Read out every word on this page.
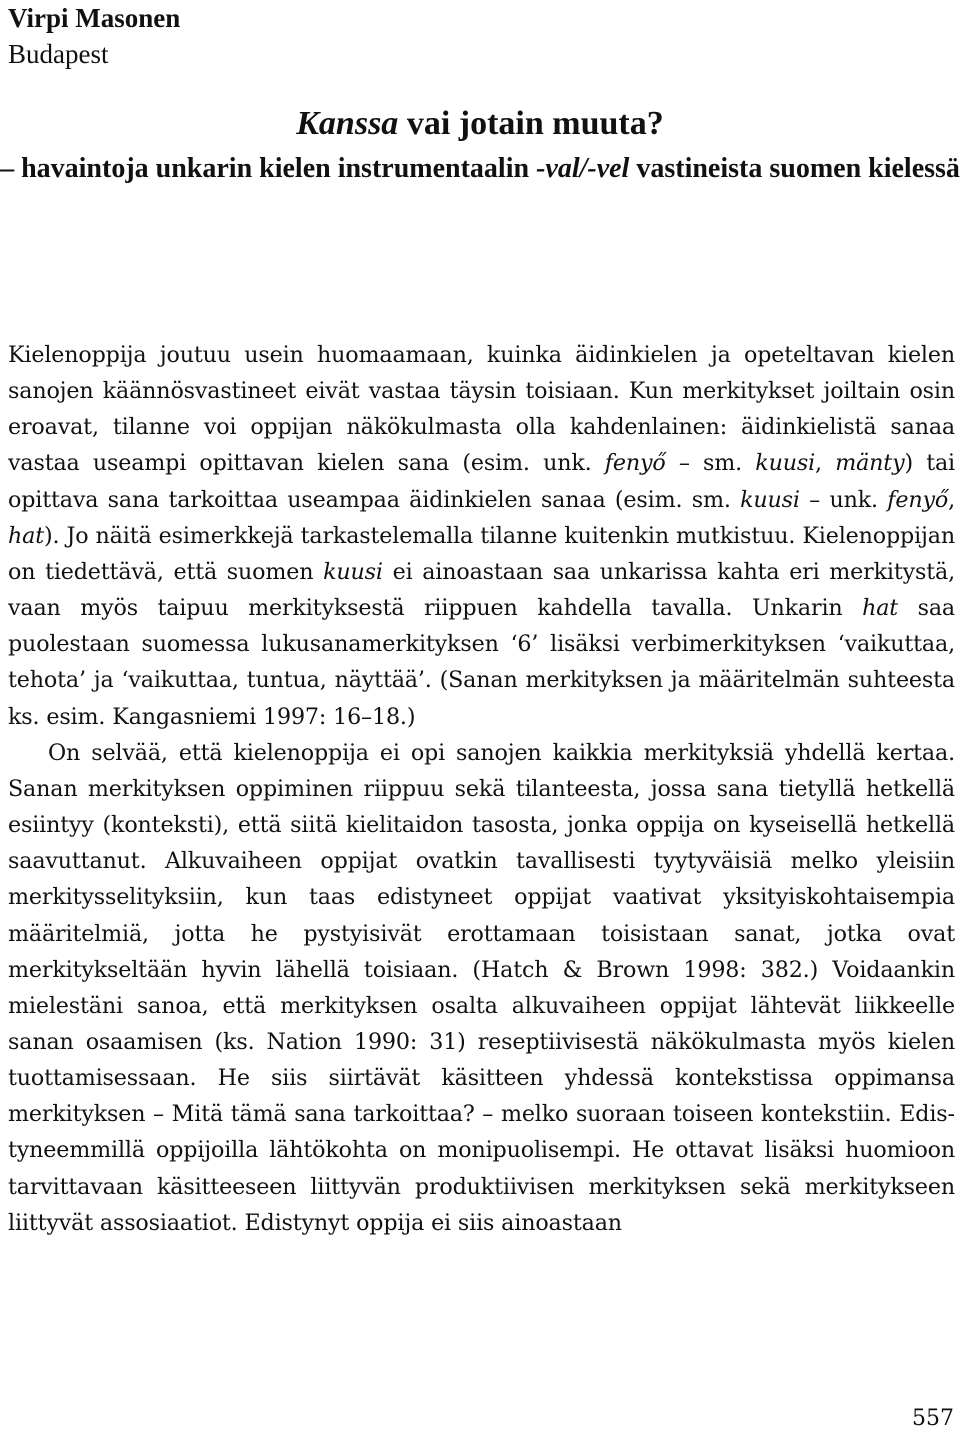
Virpi Masonen
Budapest
Kanssa vai jotain muuta?
– havaintoja unkarin kielen instrumentaalin -val/-vel vastineista suomen kielessä

Kielenoppija joutuu usein huomaamaan, kuinka äidinkielen ja opeteltavan kielen sanojen käännösvastineet eivät vastaa täysin toisiaan. Kun merkitykset joiltain osin eroavat, tilanne voi oppijan näkökulmasta olla kahdenlainen: äidinkielistä sanaa vastaa useampi opittavan kielen sana (esim. unk. fenyő – sm. kuusi, mänty) tai opittava sana tarkoittaa useampaa äidinkielen sanaa (esim. sm. kuusi – unk. fenyő, hat). Jo näitä esimerkkejä tarkastelemalla tilanne kuitenkin mutkistuu. Kielenoppijan on tiedettävä, että suomen kuusi ei ainoastaan saa unkarissa kahta eri merkitystä, vaan myös taipuu merkityksestä riippuen kahdella tavalla. Unkarin hat saa puolestaan suomessa lukusanamerkityksen ‘6’ lisäksi verbimerkityksen ‘vaikuttaa, tehota’ ja ‘vaikuttaa, tuntua, näyttää’. (Sanan merkityksen ja määritelmän suhteesta ks. esim. Kangasniemi 1997: 16–18.)

On selvää, että kielenoppija ei opi sanojen kaikkia merkityksiä yhdellä kertaa. Sanan merkityksen oppiminen riippuu sekä tilanteesta, jossa sana tietyllä hetkellä esiintyy (konteksti), että siitä kielitaidon tasosta, jonka oppija on kyseisellä hetkellä saavuttanut. Alkuvaiheen oppijat ovatkin tavallisesti tyytyväisiä melko yleisiin merkitysselityksiin, kun taas edistyneet oppijat vaativat yksityiskohtaisempia määritelmiä, jotta he pystyisivät erottamaan toisistaan sanat, jotka ovat merkitykseltään hyvin lähellä toisiaan. (Hatch & Brown 1998: 382.) Voidaankin mielestäni sanoa, että merkityksen osalta alkuvaiheen oppijat lähtevät liikkeelle sanan osaamisen (ks. Nation 1990: 31) reseptiivisestä näkökulmasta myös kielen tuottamisessaan. He siis siirtävät käsitteen yhdessä kontekstissa oppimansa merkityksen – Mitä tämä sana tarkoittaa? – melko suoraan toiseen kontekstiin. Edistyneemmillä oppijoilla lähtökohta on monipuolisempi. He ottavat lisäksi huomioon tarvittavaan käsitteeseen liittyvän produktiivisen merkityksen sekä merkitykseen liittyvät assosiaatiot. Edistynyt oppija ei siis ainoastaan

557
